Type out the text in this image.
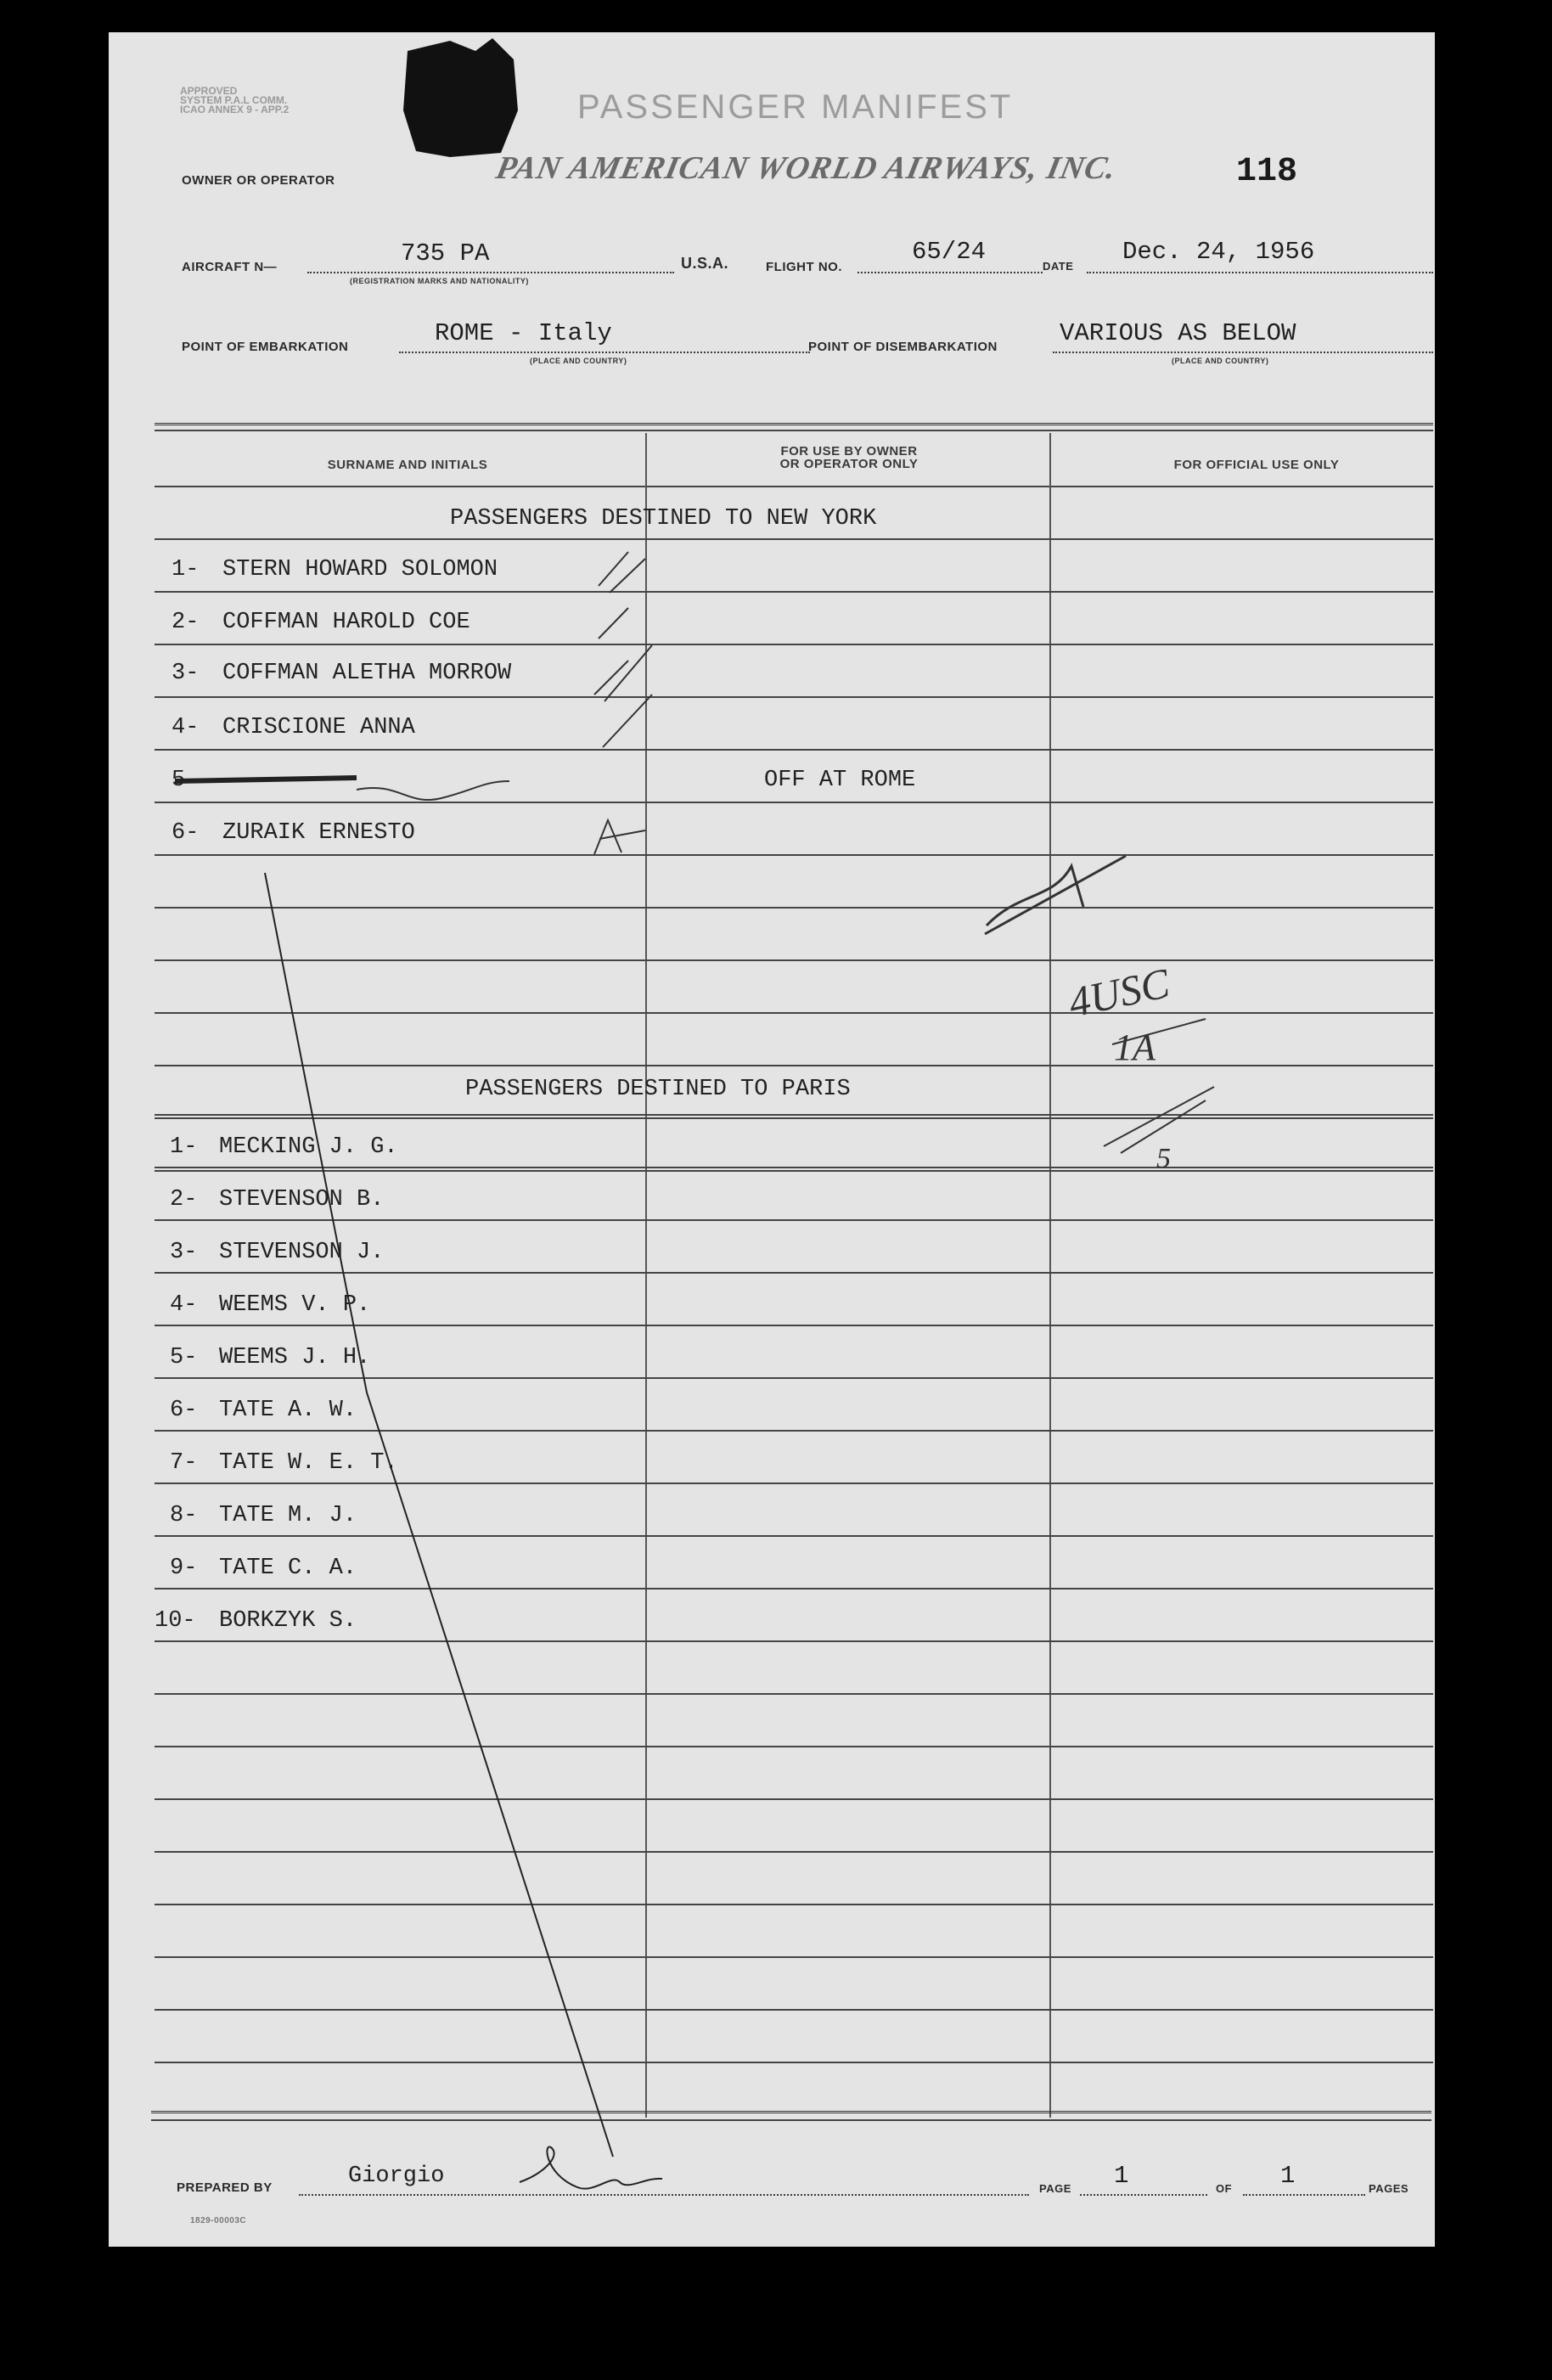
APPROVED
SYSTEM P.A.L COMM.
ICAO ANNEX 9 - APP.2	PASSENGER MANIFEST
OWNER OR OPERATOR	PAN AMERICAN WORLD AIRWAYS, INC.	118
AIRCRAFT N—	735 PA
(REGISTRATION MARKS AND NATIONALITY)
U.S.A.	FLIGHT NO.
65/24
DATE
Dec. 24, 1956
POINT OF EMBARKATION	ROME - Italy
(PLACE AND COUNTRY)
POINT OF DISEMBARKATION	VARIOUS AS BELOW
(PLACE AND COUNTRY)
SURNAME AND INITIALS
FOR USE BY OWNER
OR OPERATOR ONLY	FOR OFFICIAL USE ONLY
PASSENGERS DESTINED TO NEW YORK
1- STERN HOWARD SOLOMON
2- COFFMAN HAROLD COE
3- COFFMAN ALETHA MORROW
4- CRISCIONE ANNA
5-	OFF AT ROME
6- ZURAIK ERNESTO
PASSENGERS DESTINED TO PARIS
1- MECKING J. G.
2- STEVENSON B.
3- STEVENSON J.
4- WEEMS V. P.
5- WEEMS J. H.
6- TATE A. W.
7- TATE W. E. T.
8- TATE M. J.
9- TATE C. A.
10- BORKZYK S.
PREPARED BY	Giorgio	PAGE 1	OF 1	PAGES
1829-00003C
4USC
1A
5
